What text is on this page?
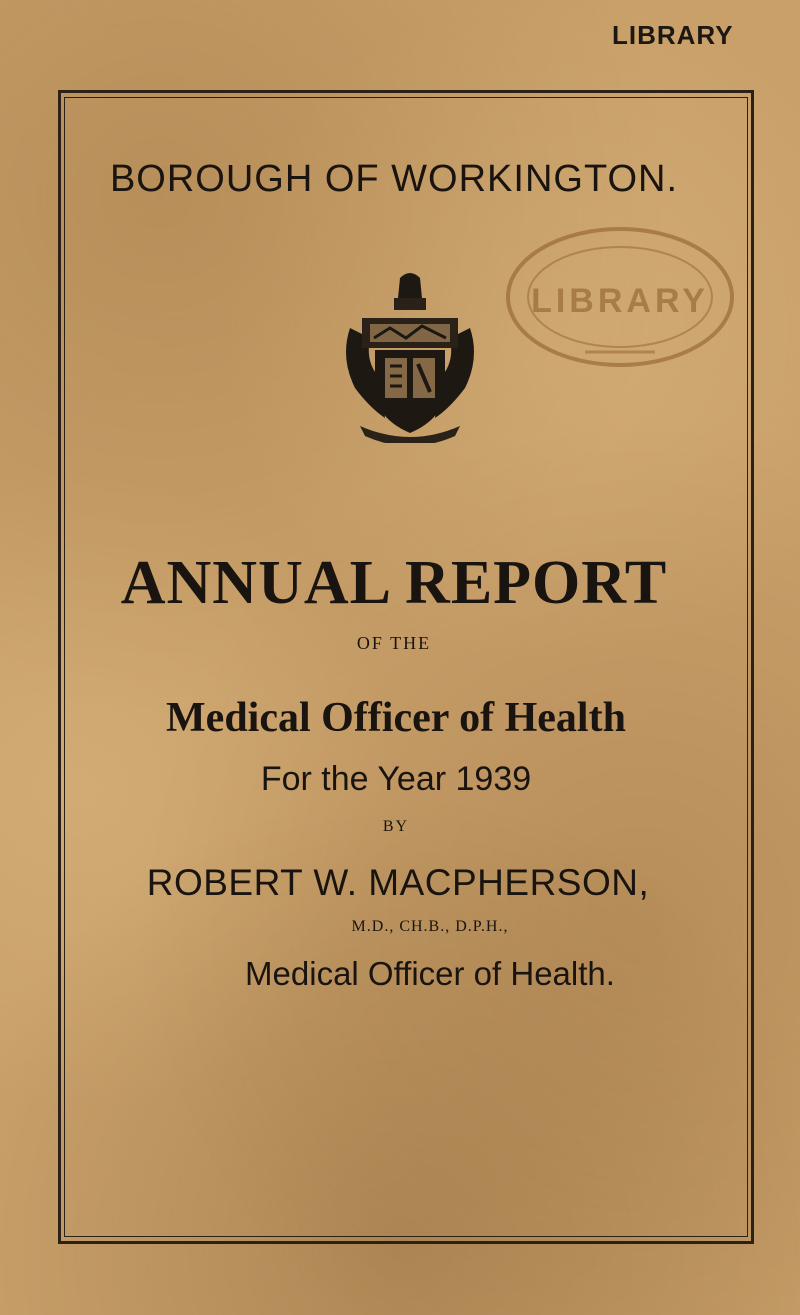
LIBRARY
BOROUGH OF WORKINGTON.
LIBRARY
ANNUAL REPORT
OF THE
Medical Officer of Health
For the Year 1939
BY
ROBERT W. MACPHERSON,
M.D., CH.B., D.P.H.,
Medical Officer of Health.
